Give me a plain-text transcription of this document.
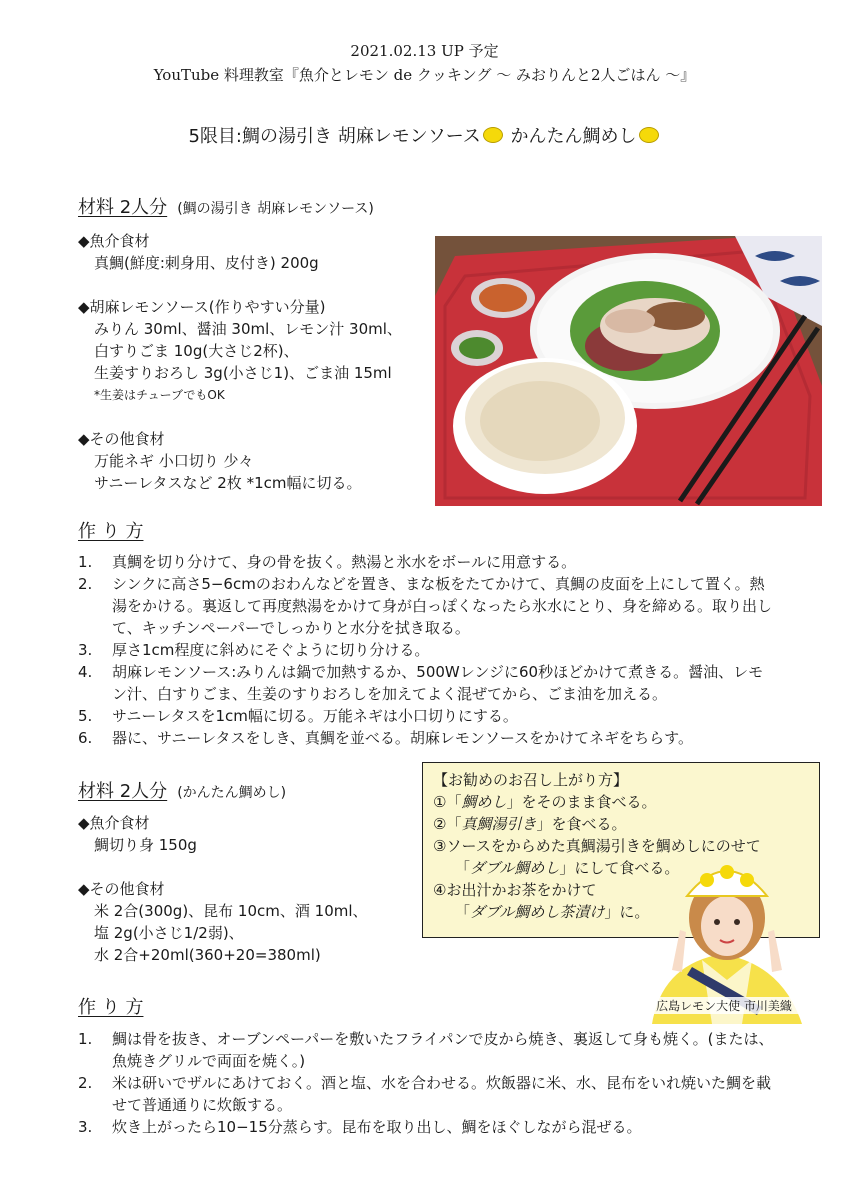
2021.02.13 UP 予定
YouTube 料理教室『魚介とレモン de クッキング ～ みおりんと2人ごはん ～』
5限目:鯛の湯引き 胡麻レモンソース かんたん鯛めし
材料 2人分 (鯛の湯引き 胡麻レモンソース)
◆魚介食材
真鯛(鮮度:刺身用、皮付き) 200g
◆胡麻レモンソース(作りやすい分量)
みりん 30ml、醤油 30ml、レモン汁 30ml、
白すりごま 10g(大さじ2杯)、
生姜すりおろし 3g(小さじ1)、ごま油 15ml
*生姜はチューブでもOK
◆その他食材
万能ネギ 小口切り 少々
サニーレタスなど 2枚 *1cm幅に切る。
作 り 方
1.	真鯛を切り分けて、身の骨を抜く。熱湯と氷水をボールに用意する。
2.	シンクに高さ5−6cmのおわんなどを置き、まな板をたてかけて、真鯛の皮面を上にして置く。熱湯をかける。裏返して再度熱湯をかけて身が白っぽくなったら氷水にとり、身を締める。取り出して、キッチンペーパーでしっかりと水分を拭き取る。
3.	厚さ1cm程度に斜めにそぐように切り分ける。
4.	胡麻レモンソース:みりんは鍋で加熱するか、500Wレンジに60秒ほどかけて煮きる。醤油、レモン汁、白すりごま、生姜のすりおろしを加えてよく混ぜてから、ごま油を加える。
5.	サニーレタスを1cm幅に切る。万能ネギは小口切りにする。
6.	器に、サニーレタスをしき、真鯛を並べる。胡麻レモンソースをかけてネギをちらす。
材料 2人分 (かんたん鯛めし)
◆魚介食材
鯛切り身 150g
◆その他食材
米 2合(300g)、昆布 10cm、酒 10ml、
塩 2g(小さじ1/2弱)、
水 2合+20ml(360+20=380ml)
【お勧めのお召し上がり方】
①「鯛めし」をそのまま食べる。
②「真鯛湯引き」を食べる。
③ソースをからめた真鯛湯引きを鯛めしにのせて
「ダブル鯛めし」にして食べる。
④お出汁かお茶をかけて
「ダブル鯛めし茶漬け」に。
広島レモン大使 市川美織
作 り 方
1.	鯛は骨を抜き、オーブンペーパーを敷いたフライパンで皮から焼き、裏返して身も焼く。(または、魚焼きグリルで両面を焼く。)
2.	米は研いでザルにあけておく。酒と塩、水を合わせる。炊飯器に米、水、昆布をいれ焼いた鯛を載せて普通通りに炊飯する。
3.	炊き上がったら10−15分蒸らす。昆布を取り出し、鯛をほぐしながら混ぜる。
